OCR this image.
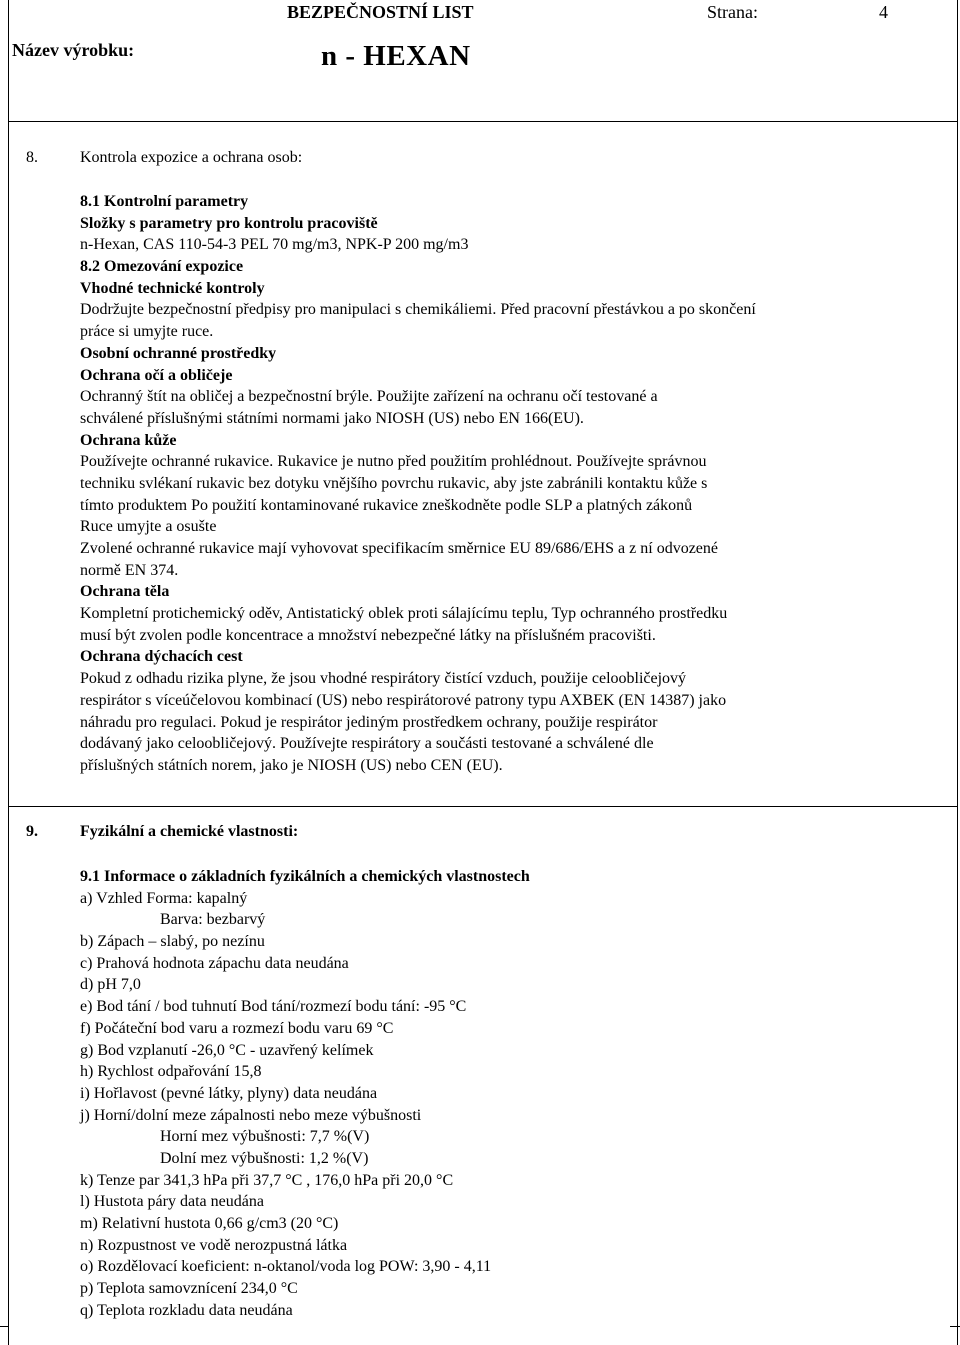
BEZPEČNOSTNÍ LIST	Strana:	4
Název výrobku:	n - HEXAN
8.	Kontrola expozice a ochrana osob:
8.1 Kontrolní parametry
Složky s parametry pro kontrolu pracoviště
n-Hexan, CAS 110-54-3 PEL 70 mg/m3, NPK-P 200 mg/m3
8.2 Omezování expozice
Vhodné technické kontroly
Dodržujte bezpečnostní předpisy pro manipulaci s chemikáliemi. Před pracovní přestávkou a po skončení
práce si umyjte ruce.
Osobní ochranné prostředky
Ochrana očí a obličeje
Ochranný štít na obličej a bezpečnostní brýle. Použijte zařízení na ochranu očí testované a
schválené příslušnými státními normami jako NIOSH (US) nebo EN 166(EU).
Ochrana kůže
Používejte ochranné rukavice. Rukavice je nutno před použitím prohlédnout. Používejte správnou
techniku svlékaní rukavic bez dotyku vnějšího povrchu rukavic, aby jste zabránili kontaktu kůže s
tímto produktem Po použití kontaminované rukavice zneškodněte podle SLP a platných zákonů
Ruce umyjte a osušte
Zvolené ochranné rukavice mají vyhovovat specifikacím směrnice EU 89/686/EHS a z ní odvozené
normě EN 374.
Ochrana těla
Kompletní protichemický oděv, Antistatický oblek proti sálajícímu teplu, Typ ochranného prostředku
musí být zvolen podle koncentrace a množství nebezpečné látky na příslušném pracovišti.
Ochrana dýchacích cest
Pokud z odhadu rizika plyne, že jsou vhodné respirátory čistící vzduch, použije celoobličejový
respirátor s víceúčelovou kombinací (US) nebo respirátorové patrony typu AXBEK (EN 14387) jako
náhradu pro regulaci. Pokud je respirátor jediným prostředkem ochrany, použije respirátor
dodávaný jako celoobličejový. Používejte respirátory a součásti testované a schválené dle
příslušných státních norem, jako je NIOSH (US) nebo CEN (EU).
9.	Fyzikální a chemické vlastnosti:
9.1 Informace o základních fyzikálních a chemických vlastnostech
a) Vzhled Forma: kapalný
Barva: bezbarvý
b) Zápach – slabý, po nezínu
c) Prahová hodnota zápachu data neudána
d) pH 7,0
e) Bod tání / bod tuhnutí Bod tání/rozmezí bodu tání: -95 °C
f) Počáteční bod varu a rozmezí bodu varu 69 °C
g) Bod vzplanutí -26,0 °C - uzavřený kelímek
h) Rychlost odpařování 15,8
i) Hořlavost (pevné látky, plyny) data neudána
j) Horní/dolní meze zápalnosti nebo meze výbušnosti
Horní mez výbušnosti: 7,7 %(V)
Dolní mez výbušnosti: 1,2 %(V)
k) Tenze par 341,3 hPa při 37,7 °C , 176,0 hPa při 20,0 °C
l) Hustota páry data neudána
m) Relativní hustota 0,66 g/cm3 (20 °C)
n) Rozpustnost ve vodě nerozpustná látka
o) Rozdělovací koeficient: n-oktanol/voda log POW: 3,90 - 4,11
p) Teplota samovznícení 234,0 °C
q) Teplota rozkladu data neudána
